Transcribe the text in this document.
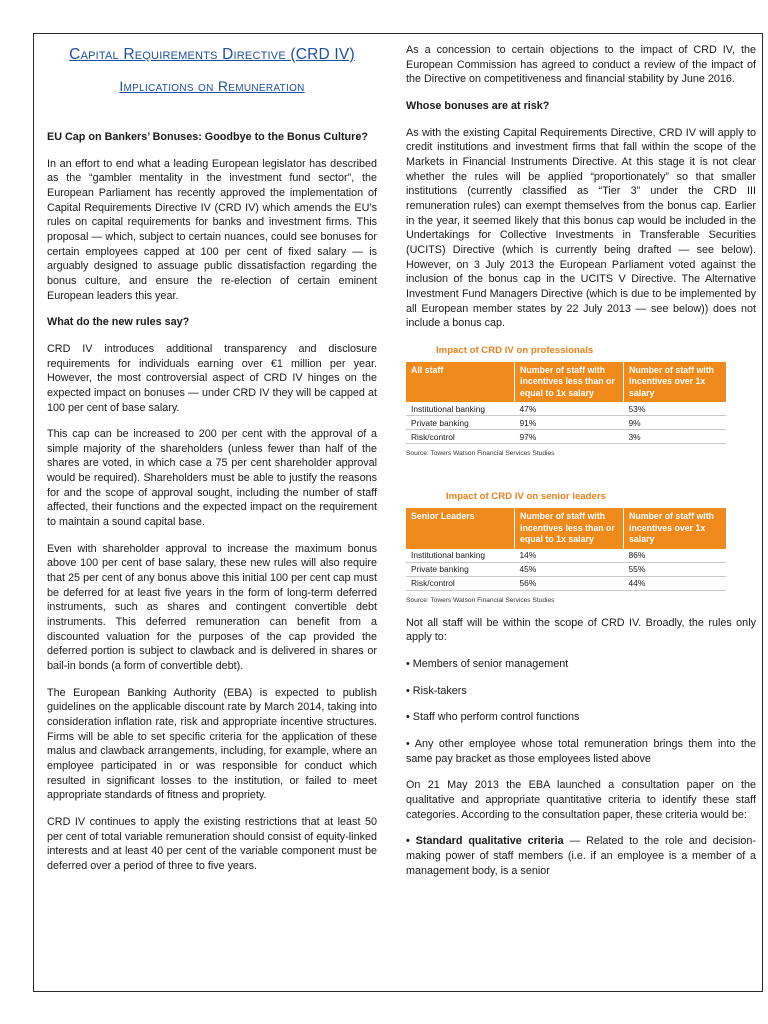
Capital Requirements Directive (CRD IV)
Implications on Remuneration

EU Cap on Bankers’ Bonuses: Goodbye to the Bonus Culture?

In an effort to end what a leading European legislator has described as the “gambler mentality in the investment fund sector”, the European Parliament has recently approved the implementation of Capital Requirements Directive IV (CRD IV) which amends the EU’s rules on capital requirements for banks and investment firms. This proposal — which, subject to certain nuances, could see bonuses for certain employees capped at 100 per cent of fixed salary — is arguably designed to assuage public dissatisfaction regarding the bonus culture, and ensure the re-election of certain eminent European leaders this year.

What do the new rules say?

CRD IV introduces additional transparency and disclosure requirements for individuals earning over €1 million per year. However, the most controversial aspect of CRD IV hinges on the expected impact on bonuses — under CRD IV they will be capped at 100 per cent of base salary.

This cap can be increased to 200 per cent with the approval of a simple majority of the shareholders (unless fewer than half of the shares are voted, in which case a 75 per cent shareholder approval would be required). Shareholders must be able to justify the reasons for and the scope of approval sought, including the number of staff affected, their functions and the expected impact on the requirement to maintain a sound capital base.

Even with shareholder approval to increase the maximum bonus above 100 per cent of base salary, these new rules will also require that 25 per cent of any bonus above this initial 100 per cent cap must be deferred for at least five years in the form of long-term deferred instruments, such as shares and contingent convertible debt instruments. This deferred remuneration can benefit from a discounted valuation for the purposes of the cap provided the deferred portion is subject to clawback and is delivered in shares or bail-in bonds (a form of convertible debt).

The European Banking Authority (EBA) is expected to publish guidelines on the applicable discount rate by March 2014, taking into consideration inflation rate, risk and appropriate incentive structures. Firms will be able to set specific criteria for the application of these malus and clawback arrangements, including, for example, where an employee participated in or was responsible for conduct which resulted in significant losses to the institution, or failed to meet appropriate standards of fitness and propriety.

CRD IV continues to apply the existing restrictions that at least 50 per cent of total variable remuneration should consist of equity-linked interests and at least 40 per cent of the variable component must be deferred over a period of three to five years.

As a concession to certain objections to the impact of CRD IV, the European Commission has agreed to conduct a review of the impact of the Directive on competitiveness and financial stability by June 2016.

Whose bonuses are at risk?

As with the existing Capital Requirements Directive, CRD IV will apply to credit institutions and investment firms that fall within the scope of the Markets in Financial Instruments Directive. At this stage it is not clear whether the rules will be applied “proportionately” so that smaller institutions (currently classified as “Tier 3” under the CRD III remuneration rules) can exempt themselves from the bonus cap. Earlier in the year, it seemed likely that this bonus cap would be included in the Undertakings for Collective Investments in Transferable Securities (UCITS) Directive (which is currently being drafted — see below). However, on 3 July 2013 the European Parliament voted against the inclusion of the bonus cap in the UCITS V Directive. The Alternative Investment Fund Managers Directive (which is due to be implemented by all European member states by 22 July 2013 — see below)) does not include a bonus cap.

Impact of CRD IV on professionals
All staff	Number of staff with incentives less than or equal to 1x salary	Number of staff with incentives over 1x salary
Institutional banking	47%	53%
Private banking	91%	9%
Risk/control	97%	3%
Source: Towers Watson Financial Services Studies
Impact of CRD IV on senior leaders
Senior Leaders	Number of staff with incentives less than or equal to 1x salary	Number of staff with incentives over 1x salary
Institutional banking	14%	86%
Private banking	45%	55%
Risk/control	56%	44%
Source: Towers Watson Financial Services Studies

Not all staff will be within the scope of CRD IV. Broadly, the rules only apply to:

• Members of senior management

• Risk-takers

• Staff who perform control functions

• Any other employee whose total remuneration brings them into the same pay bracket as those employees listed above

On 21 May 2013 the EBA launched a consultation paper on the qualitative and appropriate quantitative criteria to identify these staff categories. According to the consultation paper, these criteria would be:

• Standard qualitative criteria — Related to the role and decision-making power of staff members (i.e. if an employee is a member of a management body, is a senior
